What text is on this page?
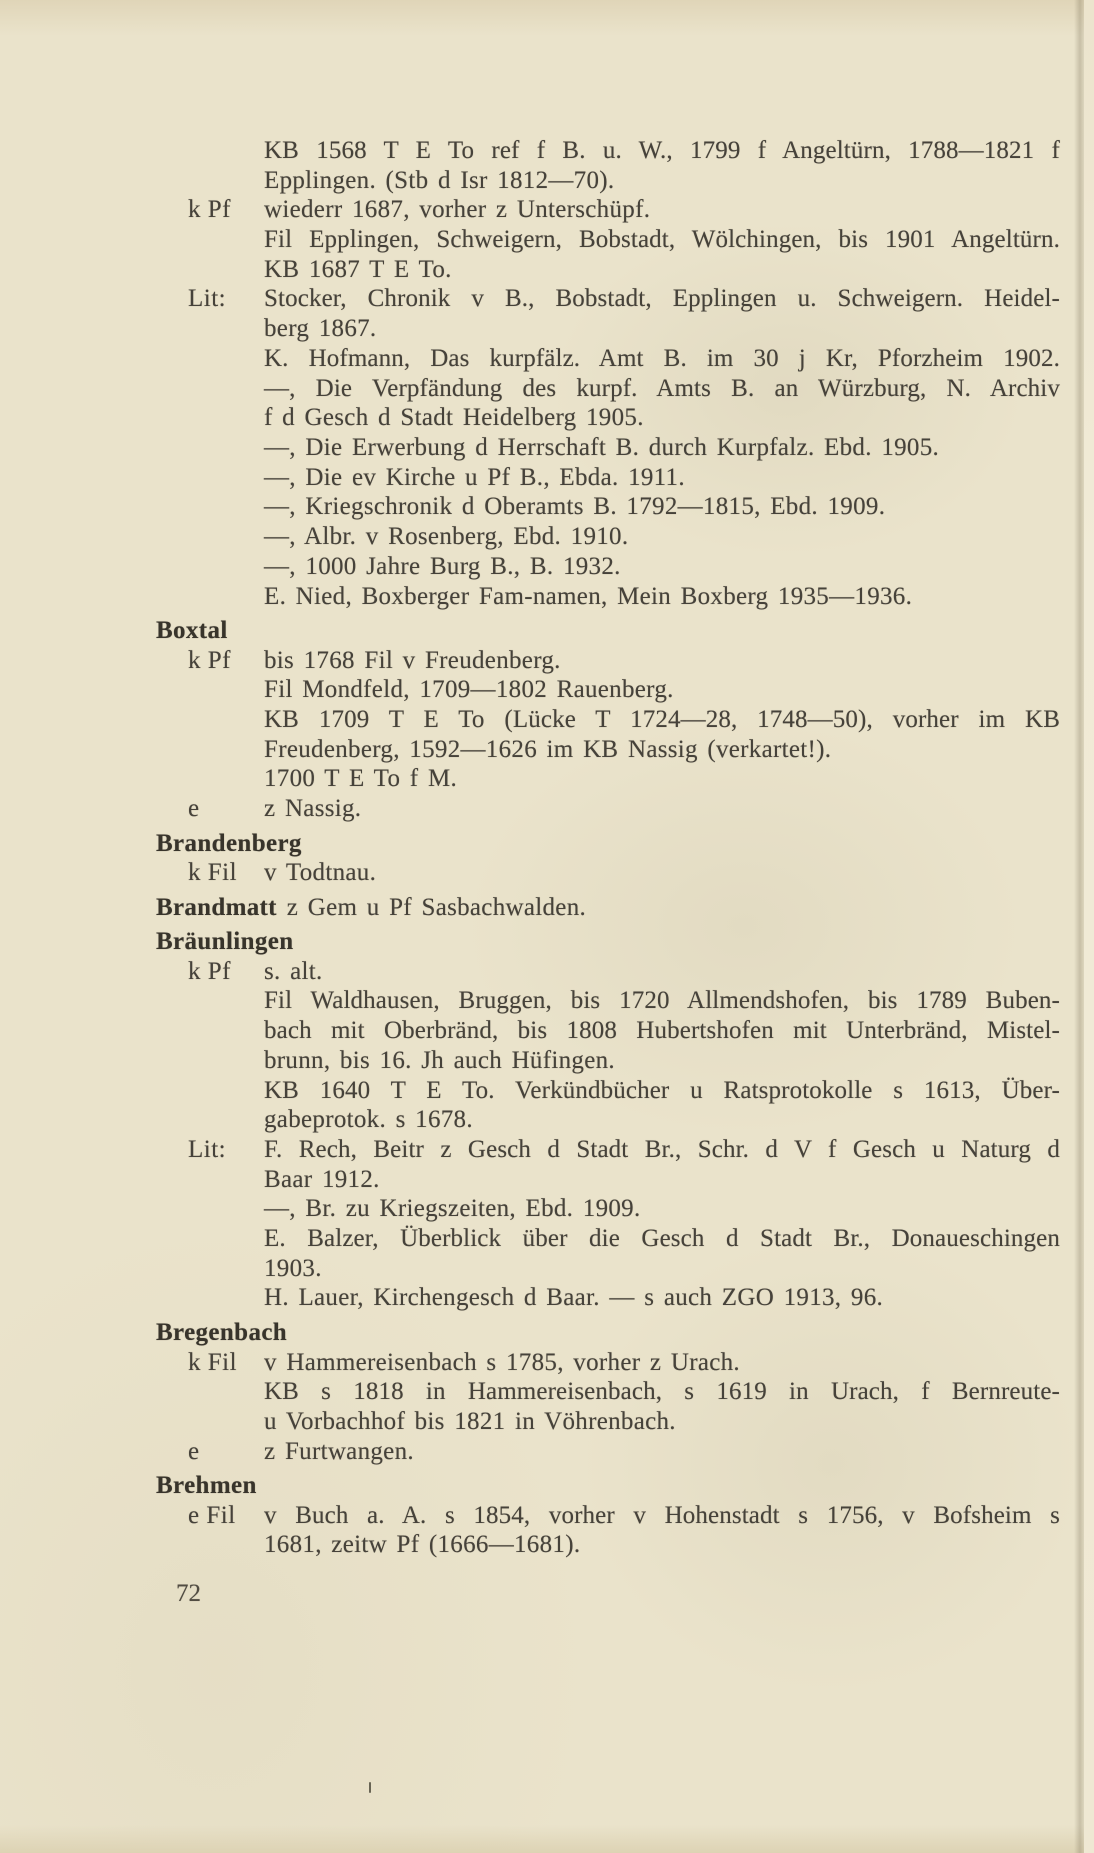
KB 1568 T E To ref f B. u. W., 1799 f Angeltürn, 1788—1821 f
Epplingen. (Stb d Isr 1812—70).
k Pf wiederr 1687, vorher z Unterschüpf.
Fil Epplingen, Schweigern, Bobstadt, Wölchingen, bis 1901 Angeltürn.
KB 1687 T E To.
Lit: Stocker, Chronik v B., Bobstadt, Epplingen u. Schweigern. Heidel-
berg 1867.
K. Hofmann, Das kurpfälz. Amt B. im 30 j Kr, Pforzheim 1902.
—, Die Verpfändung des kurpf. Amts B. an Würzburg, N. Archiv
f d Gesch d Stadt Heidelberg 1905.
—, Die Erwerbung d Herrschaft B. durch Kurpfalz. Ebd. 1905.
—, Die ev Kirche u Pf B., Ebda. 1911.
—, Kriegschronik d Oberamts B. 1792—1815, Ebd. 1909.
—, Albr. v Rosenberg, Ebd. 1910.
—, 1000 Jahre Burg B., B. 1932.
E. Nied, Boxberger Fam-namen, Mein Boxberg 1935—1936.
Boxtal
k Pf bis 1768 Fil v Freudenberg.
Fil Mondfeld, 1709—1802 Rauenberg.
KB 1709 T E To (Lücke T 1724—28, 1748—50), vorher im KB
Freudenberg, 1592—1626 im KB Nassig (verkartet!).
1700 T E To f M.
e	z Nassig.
Brandenberg
k Fil v Todtnau.
Brandmatt z Gem u Pf Sasbachwalden.
Bräunlingen
k Pf s. alt.
Fil Waldhausen, Bruggen, bis 1720 Allmendshofen, bis 1789 Buben-
bach mit Oberbränd, bis 1808 Hubertshofen mit Unterbränd, Mistel-
brunn, bis 16. Jh auch Hüfingen.
KB 1640 T E To. Verkündbücher u Ratsprotokolle s 1613, Über-
gabeprotok. s 1678.
Lit: F. Rech, Beitr z Gesch d Stadt Br., Schr. d V f Gesch u Naturg d
Baar 1912.
—, Br. zu Kriegszeiten, Ebd. 1909.
E. Balzer, Überblick über die Gesch d Stadt Br., Donaueschingen
1903.
H. Lauer, Kirchengesch d Baar. — s auch ZGO 1913, 96.
Bregenbach
k Fil v Hammereisenbach s 1785, vorher z Urach.
KB s 1818 in Hammereisenbach, s 1619 in Urach, f Bernreute-
u Vorbachhof bis 1821 in Vöhrenbach.
e	z Furtwangen.
Brehmen
e Fil v Buch a. A. s 1854, vorher v Hohenstadt s 1756, v Bofsheim s
1681, zeitw Pf (1666—1681).
72
